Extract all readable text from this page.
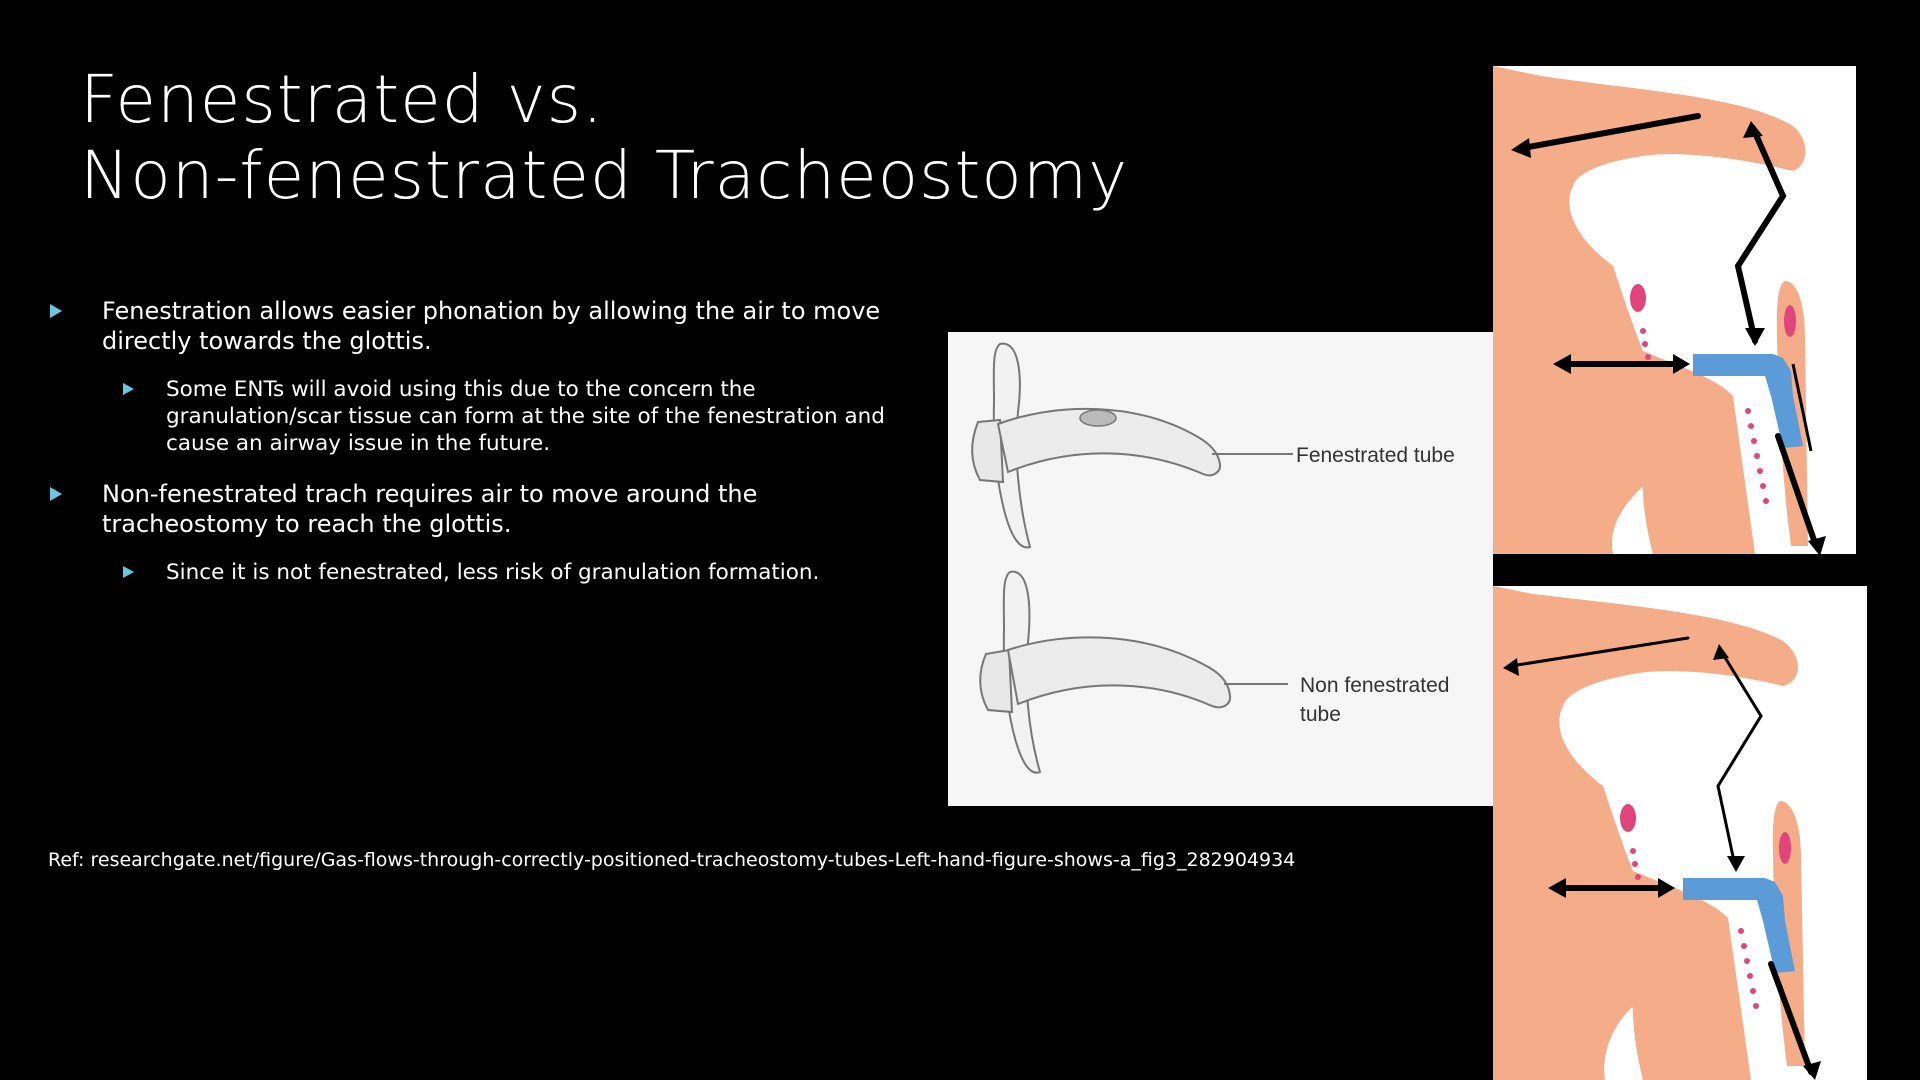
Fenestrated vs.
Non-fenestrated Tracheostomy
Fenestration allows easier phonation by allowing the air to move directly towards the glottis.
Some ENTs will avoid using this due to the concern the granulation/scar tissue can form at the site of the fenestration and cause an airway issue in the future.
Non-fenestrated trach requires air to move around the tracheostomy to reach the glottis.
Since it is not fenestrated, less risk of granulation formation.
Ref: researchgate.net/figure/Gas-flows-through-correctly-positioned-tracheostomy-tubes-Left-hand-figure-shows-a_fig3_282904934
Fenestrated tube
Non fenestrated
tube
